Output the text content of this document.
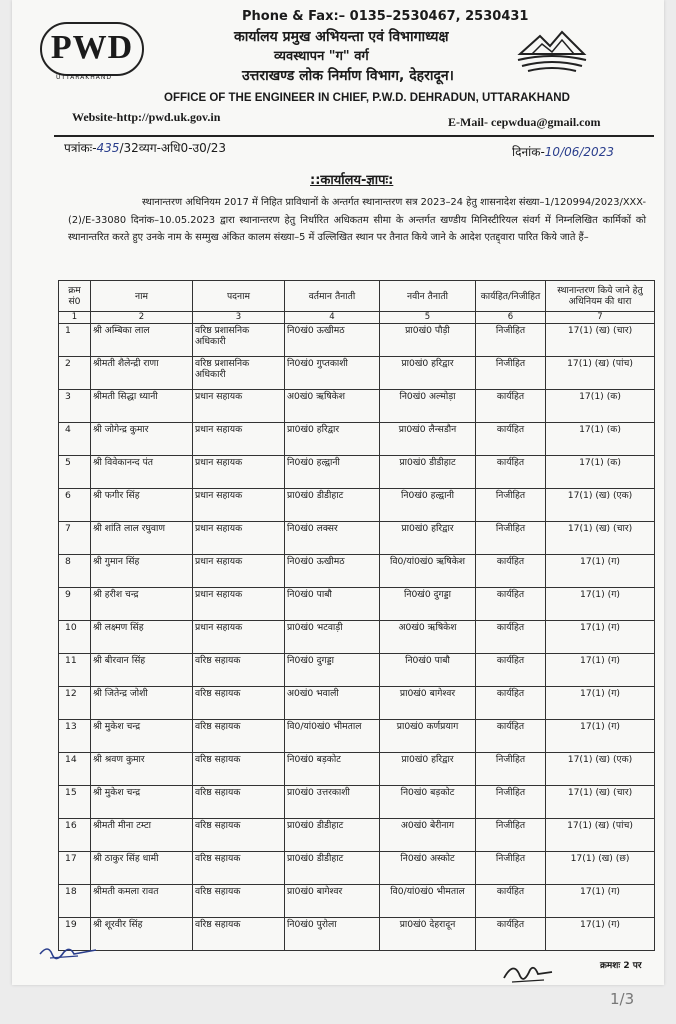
PWD
UTTARAKHAND
Phone & Fax:– 0135–2530467, 2530431
कार्यालय प्रमुख अभियन्ता एवं विभागाध्यक्ष
व्यवस्थापन "ग" वर्ग
उत्तराखण्ड लोक निर्माण विभाग, देहरादून।
OFFICE OF THE ENGINEER IN CHIEF, P.W.D. DEHRADUN, UTTARAKHAND
Website-http://pwd.uk.gov.in	E-Mail- cepwdua@gmail.com
पत्रांकः-435/32व्यग-अधि0-उ0/23	दिनांक-10/06/2023
::कार्यालय-ज्ञापः:
स्थानान्तरण अधिनियम 2017 में निहित प्राविधानों के अन्तर्गत स्थानान्तरण सत्र 2023–24 हेतु शासनादेश संख्या–1/120994/2023/XXX-(2)/E-33080 दिनांक–10.05.2023 द्वारा स्थानान्तरण हेतु निर्धारित अधिकतम सीमा के अन्तर्गत खण्डीय मिनिस्टीरियल संवर्ग में निम्नलिखित कार्मिकों को स्थानान्तरित करते हुए उनके नाम के सम्मुख अंकित कालम संख्या–5 में उल्लिखित स्थान पर तैनात किये जाने के आदेश एतद्द्वारा पारित किये जाते हैं–
क्रम सं0	नाम	पदनाम	वर्तमान तैनाती	नवीन तैनाती	कार्यहित/निजीहित	स्थानान्तरण किये जाने हेतु अधिनियम की धारा
1	2	3	4	5	6	7
1	श्री अम्बिका लाल	वरिष्ठ प्रशासनिक अधिकारी	नि0खं0 ऊखीमठ	प्रा0खं0 पौड़ी	निजीहित	17(1) (ख) (चार)
2	श्रीमती शैलेन्द्री राणा	वरिष्ठ प्रशासनिक अधिकारी	नि0खं0 गुप्तकाशी	प्रा0खं0 हरिद्वार	निजीहित	17(1) (ख) (पांच)
3	श्रीमती सिद्धा ध्यानी	प्रधान सहायक	अ0खं0 ऋषिकेश	नि0खं0 अल्मोड़ा	कार्यहित	17(1) (क)
4	श्री जोगेन्द्र कुमार	प्रधान सहायक	प्रा0खं0 हरिद्वार	प्रा0खं0 लैन्सडौन	कार्यहित	17(1) (क)
5	श्री विवेकानन्द पंत	प्रधान सहायक	नि0खं0 हल्द्वानी	प्रा0खं0 डीडीहाट	कार्यहित	17(1) (क)
6	श्री फगीर सिंह	प्रधान सहायक	प्रा0खं0 डीडीहाट	नि0खं0 हल्द्वानी	निजीहित	17(1) (ख) (एक)
7	श्री शांति लाल रघुवाण	प्रधान सहायक	नि0खं0 लक्सर	प्रा0खं0 हरिद्वार	निजीहित	17(1) (ख) (चार)
8	श्री गुमान सिंह	प्रधान सहायक	नि0खं0 ऊखीमठ	वि0/यां0खं0 ऋषिकेश	कार्यहित	17(1) (ग)
9	श्री हरीश चन्द्र	प्रधान सहायक	नि0खं0 पाबौ	नि0खं0 दुगड्डा	कार्यहित	17(1) (ग)
10	श्री लक्ष्मण सिंह	प्रधान सहायक	प्रा0खं0 भटवाड़ी	अ0खं0 ऋषिकेश	कार्यहित	17(1) (ग)
11	श्री बीरवान सिंह	वरिष्ठ सहायक	नि0खं0 दुगड्डा	नि0खं0 पाबौ	कार्यहित	17(1) (ग)
12	श्री जितेन्द्र जोशी	वरिष्ठ सहायक	अ0खं0 भवाली	प्रा0खं0 बागेश्वर	कार्यहित	17(1) (ग)
13	श्री मुकेश चन्द्र	वरिष्ठ सहायक	वि0/यां0खं0 भीमताल	प्रा0खं0 कर्णप्रयाग	कार्यहित	17(1) (ग)
14	श्री श्रवण कुमार	वरिष्ठ सहायक	नि0खं0 बड़कोट	प्रा0खं0 हरिद्वार	निजीहित	17(1) (ख) (एक)
15	श्री मुकेश चन्द्र	वरिष्ठ सहायक	प्रा0खं0 उत्तरकाशी	नि0खं0 बड़कोट	निजीहित	17(1) (ख) (चार)
16	श्रीमती मीना टम्टा	वरिष्ठ सहायक	प्रा0खं0 डीडीहाट	अ0खं0 बेरीनाग	निजीहित	17(1) (ख) (पांच)
17	श्री ठाकुर सिंह धामी	वरिष्ठ सहायक	प्रा0खं0 डीडीहाट	नि0खं0 अस्कोट	निजीहित	17(1) (ख) (छ)
18	श्रीमती कमला रावत	वरिष्ठ सहायक	प्रा0खं0 बागेश्वर	वि0/यां0खं0 भीमताल	कार्यहित	17(1) (ग)
19	श्री शूरवीर सिंह	वरिष्ठ सहायक	नि0खं0 पुरोला	प्रा0खं0 देहरादून	कार्यहित	17(1) (ग)
क्रमशः 2 पर
1/3
